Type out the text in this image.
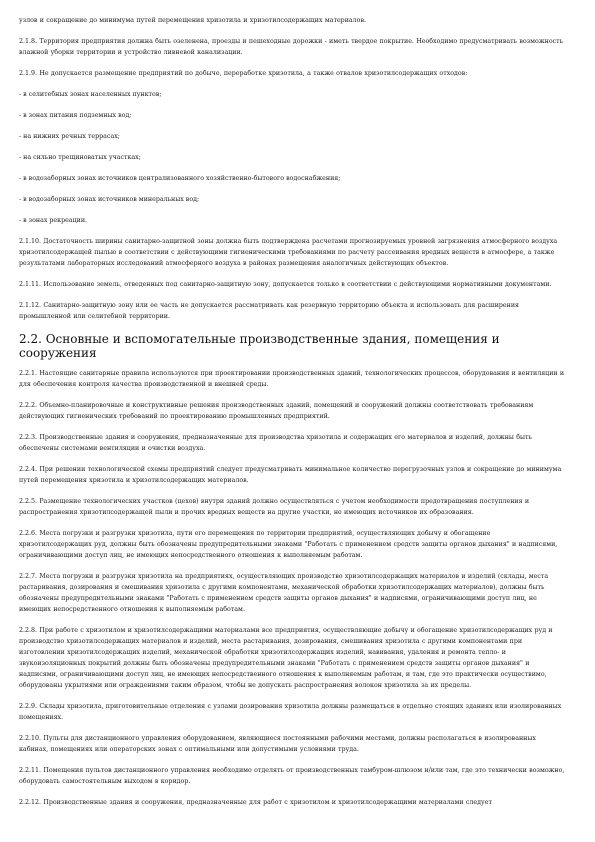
узлов и сокращение до минимума путей перемещения хризотила и хризотилсодержащих материалов.

2.1.8. Территория предприятия должна быть озеленена, проезды и пешеходные дорожки - иметь твердое покрытие. Необходимо предусматривать возможность влажной уборки территории и устройство ливневой канализации.

2.1.9. Не допускается размещение предприятий по добыче, переработке хризотила, а также отвалов хризотилсодержащих отходов:

- в селитебных зонах населенных пунктов;

- в зонах питания подземных вод;

- на нижних речных террасах;

- на сильно трещиноватых участках;

- в водозаборных зонах источников централизованного хозяйственно-бытового водоснабжения;

- в водозаборных зонах источников минеральных вод;

- в зонах рекреации.

2.1.10. Достаточность ширины санитарно-защитной зоны должна быть подтверждена расчетами прогнозируемых уровней загрязнения атмосферного воздуха хризотилсодержащей пылью в соответствии с действующими гигиеническими требованиями по расчету рассеивания вредных веществ в атмосфере, а также результатами лабораторных исследований атмосферного воздуха в районах размещения аналогичных действующих объектов.

2.1.11. Использование земель, отведенных под санитарно-защитную зону, допускается только в соответствии с действующими нормативными документами.

2.1.12. Санитарно-защитную зону или ее часть не допускается рассматривать как резервную территорию объекта и использовать для расширения промышленной или селитебной территории.

2.2. Основные и вспомогательные производственные здания, помещения и сооружения

2.2.1. Настоящие санитарные правила используются при проектировании производственных зданий, технологических процессов, оборудования и вентиляции и для обеспечения контроля качества производственной и внешней среды.

2.2.2. Объемно-планировочные и конструктивные решения производственных зданий, помещений и сооружений должны соответствовать требованиям действующих гигиенических требований по проектированию промышленных предприятий.

2.2.3. Производственные здания и сооружения, предназначенные для производства хризотила и содержащих его материалов и изделий, должны быть обеспечены системами вентиляции и очистки воздуха.

2.2.4. При решении технологической схемы предприятий следует предусматривать минимальное количество перегрузочных узлов и сокращение до минимума путей перемещения хризотила и хризотилсодержащих материалов.

2.2.5. Размещение технологических участков (цехов) внутри зданий должно осуществляться с учетом необходимости предотвращения поступления и распространения хризотилсодержащей пыли и прочих вредных веществ на другие участки, не имеющих источников их образования.

2.2.6. Места погрузки и разгрузки хризотила, пути его перемещения по территории предприятий, осуществляющих добычу и обогащение хризотилсодержащих руд, должны быть обозначены предупредительными знаками "Работать с применением средств защиты органов дыхания" и надписями, ограничивающими доступ лиц, не имеющих непосредственного отношения к выполняемым работам.

2.2.7. Места погрузки и разгрузки хризотила на предприятиях, осуществляющих производство хризотилсодержащих материалов и изделий (склады, места растаривания, дозирования и смешивания хризотила с другими компонентами, механической обработки хризотилсодержащих материалов), должны быть обозначены предупредительными знаками "Работать с применением средств защиты органов дыхания" и надписями, ограничивающими доступ лиц, не имеющих непосредственного отношения к выполняемым работам.

2.2.8. При работе с хризотилом и хризотилсодержащими материалами все предприятия, осуществляющие добычу и обогащение хризотилсодержащих руд и производство хризотилсодержащих материалов и изделий, места растаривания, дозирования, смешивания хризотила с другими компонентами при изготовлении хризотилсодержащих изделий, механической обработки хризотилсодержащих изделий, навивания, удаления и ремонта тепло- и звукоизоляционных покрытий должны быть обозначены предупредительными знаками "Работать с применением средств защиты органов дыхания" и надписями, ограничивающими доступ лиц, не имеющих непосредственного отношения к выполняемым работам, и там, где это практически осуществимо, оборудованы укрытиями или ограждениями таким образом, чтобы не допускать распространения волокон хризотила за их пределы.

2.2.9. Склады хризотила, приготовительные отделения с узлами дозирования хризотила должны размещаться в отдельно стоящих зданиях или изолированных помещениях.

2.2.10. Пульты для дистанционного управления оборудованием, являющиеся постоянными рабочими местами, должны располагаться в изолированных кабинах, помещениях или операторских зонах с оптимальными или допустимыми условиями труда.

2.2.11. Помещения пультов дистанционного управления необходимо отделять от производственных тамбуром-шлюзом и/или там, где это технически возможно, оборудовать самостоятельным выходом в коридор.

2.2.12. Производственные здания и сооружения, предназначенные для работ с хризотилом и хризотилсодержащими материалами следует
